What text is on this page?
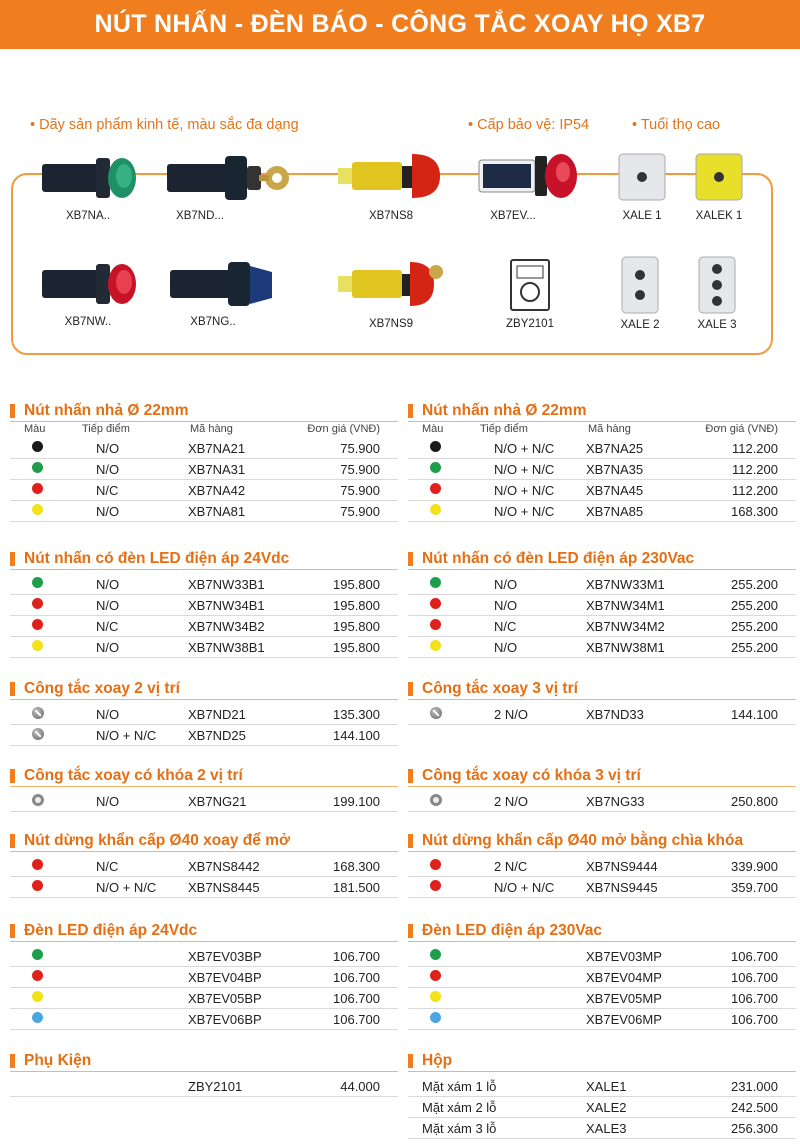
NÚT NHẤN - ĐÈN BÁO - CÔNG TẮC XOAY HỌ XB7
• Dãy sản phẩm kinh tế, màu sắc đa dạng	• Cấp bảo vệ: IP54	• Tuổi thọ cao
XB7NA..	XB7ND...	XB7NS8	XB7EV...	XALE 1	XALEK 1
XB7NW..	XB7NG..	XB7NS9	ZBY2101	XALE 2	XALE 3
Nút nhấn nhả Ø 22mm
Màu	Tiếp điểm	Mã hàng	Đơn giá (VNĐ)
N/O	XB7NA21	75.900
N/O	XB7NA31	75.900
N/C	XB7NA42	75.900
N/O	XB7NA81	75.900
Nút nhấn nhả Ø 22mm
Màu	Tiếp điểm	Mã hàng	Đơn giá (VNĐ)
N/O + N/C XB7NA25	112.200
N/O + N/C XB7NA35	112.200
N/O + N/C XB7NA45	112.200
N/O + N/C XB7NA85	168.300
Nút nhấn có đèn LED điện áp 24Vdc
N/O	XB7NW33B1	195.800
N/O	XB7NW34B1	195.800
N/C	XB7NW34B2	195.800
N/O	XB7NW38B1	195.800
Nút nhấn có đèn LED điện áp 230Vac
N/O	XB7NW33M1	255.200
N/O	XB7NW34M1	255.200
N/C	XB7NW34M2	255.200
N/O	XB7NW38M1	255.200
Công tắc xoay 2 vị trí
N/O	XB7ND21	135.300
N/O + N/C XB7ND25	144.100
Công tắc xoay 3 vị trí
2 N/O	XB7ND33	144.100
Công tắc xoay có khóa 2 vị trí
N/O	XB7NG21	199.100
Công tắc xoay có khóa 3 vị trí
2 N/O	XB7NG33	250.800
Nút dừng khẩn cấp Ø40 xoay để mở
N/C	XB7NS8442	168.300
N/O + N/C XB7NS8445	181.500
Nút dừng khẩn cấp Ø40 mở bằng chìa khóa
2 N/C	XB7NS9444	339.900
N/O + N/C XB7NS9445	359.700
Đèn LED điện áp 24Vdc
XB7EV03BP	106.700
XB7EV04BP	106.700
XB7EV05BP	106.700
XB7EV06BP	106.700
Đèn LED điện áp 230Vac
XB7EV03MP	106.700
XB7EV04MP	106.700
XB7EV05MP	106.700
XB7EV06MP	106.700
Phụ Kiện
ZBY2101	44.000
Hộp
Mặt xám 1 lỗ	XALE1	231.000
Mặt xám 2 lỗ	XALE2	242.500
Mặt xám 3 lỗ	XALE3	256.300
